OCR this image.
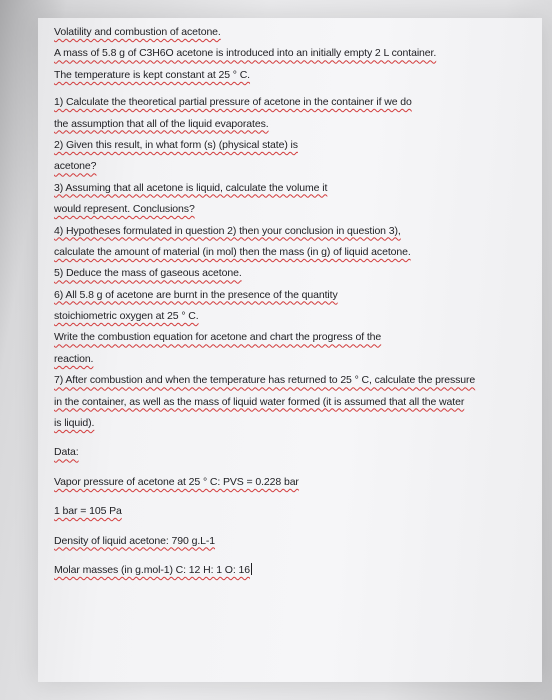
Volatility and combustion of acetone.
A mass of 5.8 g of C3H6O acetone is introduced into an initially empty 2 L container.
The temperature is kept constant at 25 ° C.
1) Calculate the theoretical partial pressure of acetone in the container if we do
the assumption that all of the liquid evaporates.
2) Given this result, in what form (s) (physical state) is
acetone?
3) Assuming that all acetone is liquid, calculate the volume it
would represent. Conclusions?
4) Hypotheses formulated in question 2) then your conclusion in question 3),
calculate the amount of material (in mol) then the mass (in g) of liquid acetone.
5) Deduce the mass of gaseous acetone.
6) All 5.8 g of acetone are burnt in the presence of the quantity
stoichiometric oxygen at 25 ° C.
Write the combustion equation for acetone and chart the progress of the
reaction.
7) After combustion and when the temperature has returned to 25 ° C, calculate the pressure
in the container, as well as the mass of liquid water formed (it is assumed that all the water
is liquid).
Data:
Vapor pressure of acetone at 25 ° C: PVS = 0.228 bar
1 bar = 105 Pa
Density of liquid acetone: 790 g.L-1
Molar masses (in g.mol-1) C: 12 H: 1 O: 16
